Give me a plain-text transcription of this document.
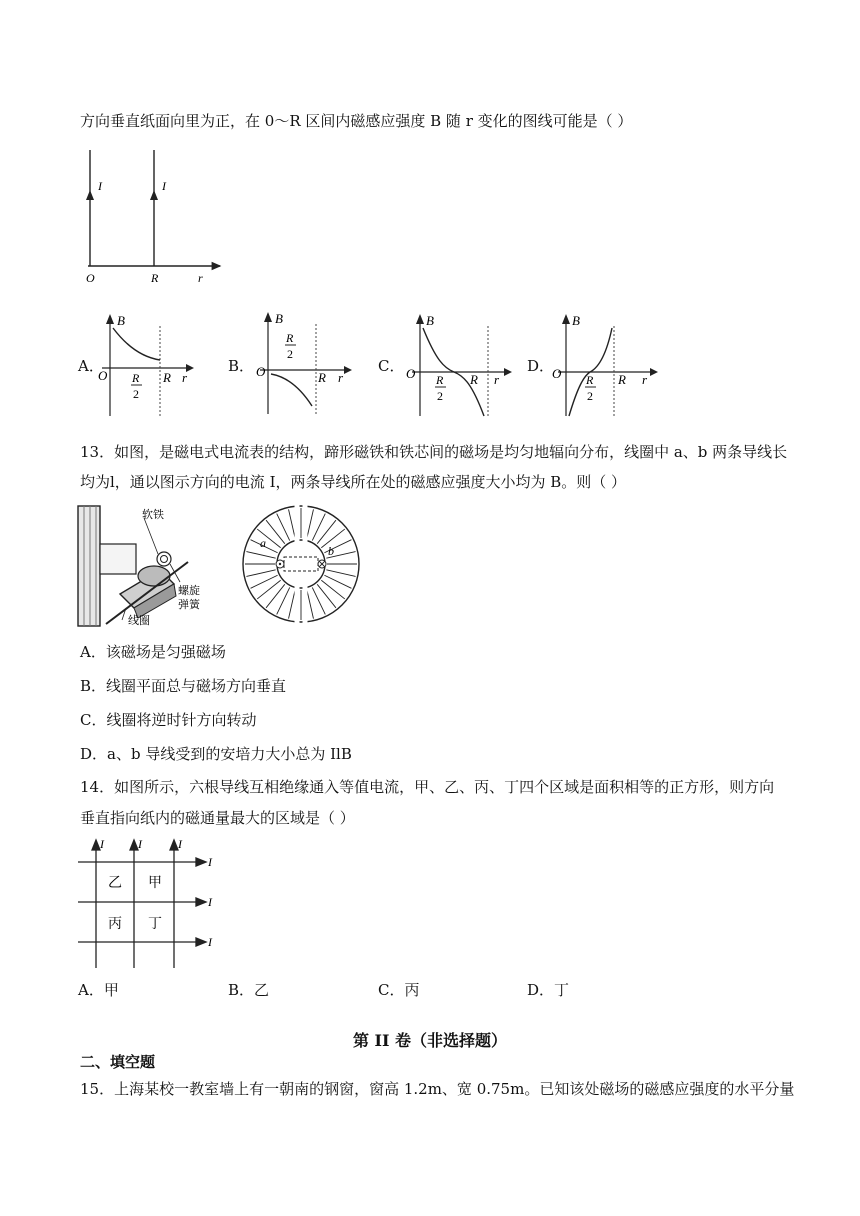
方向垂直纸面向里为正，在 0～R 区间内磁感应强度 B 随 r 变化的图线可能是（ ）
I	I
O	R	r
A．
B
O R
2
R r
B．
B
O
R
2
R r
C．
B
O R
2
R r
D．
B
O R
2
R r
13．如图，是磁电式电流表的结构，蹄形磁铁和铁芯间的磁场是均匀地辐向分布，线圈中 a、b 两条导线长
均为l，通以图示方向的电流 I，两条导线所在处的磁感应强度大小均为 B。则（ ）
软铁
螺旋
弹簧
线圈
a
b
A．该磁场是匀强磁场
B．线圈平面总与磁场方向垂直
C．线圈将逆时针方向转动
D．a、b 导线受到的安培力大小总为 IlB
14．如图所示，六根导线互相绝缘通入等值电流，甲、乙、丙、丁四个区域是面积相等的正方形，则方向
垂直指向纸内的磁通量最大的区域是（ ）
I	I	I
I
I
I
乙 甲
丙 丁
A．甲	B．乙	C．丙	D．丁
第 II 卷（非选择题）
二、填空题
15．上海某校一教室墙上有一朝南的钢窗，窗高 1.2m、宽 0.75m。已知该处磁场的磁感应强度的水平分量
